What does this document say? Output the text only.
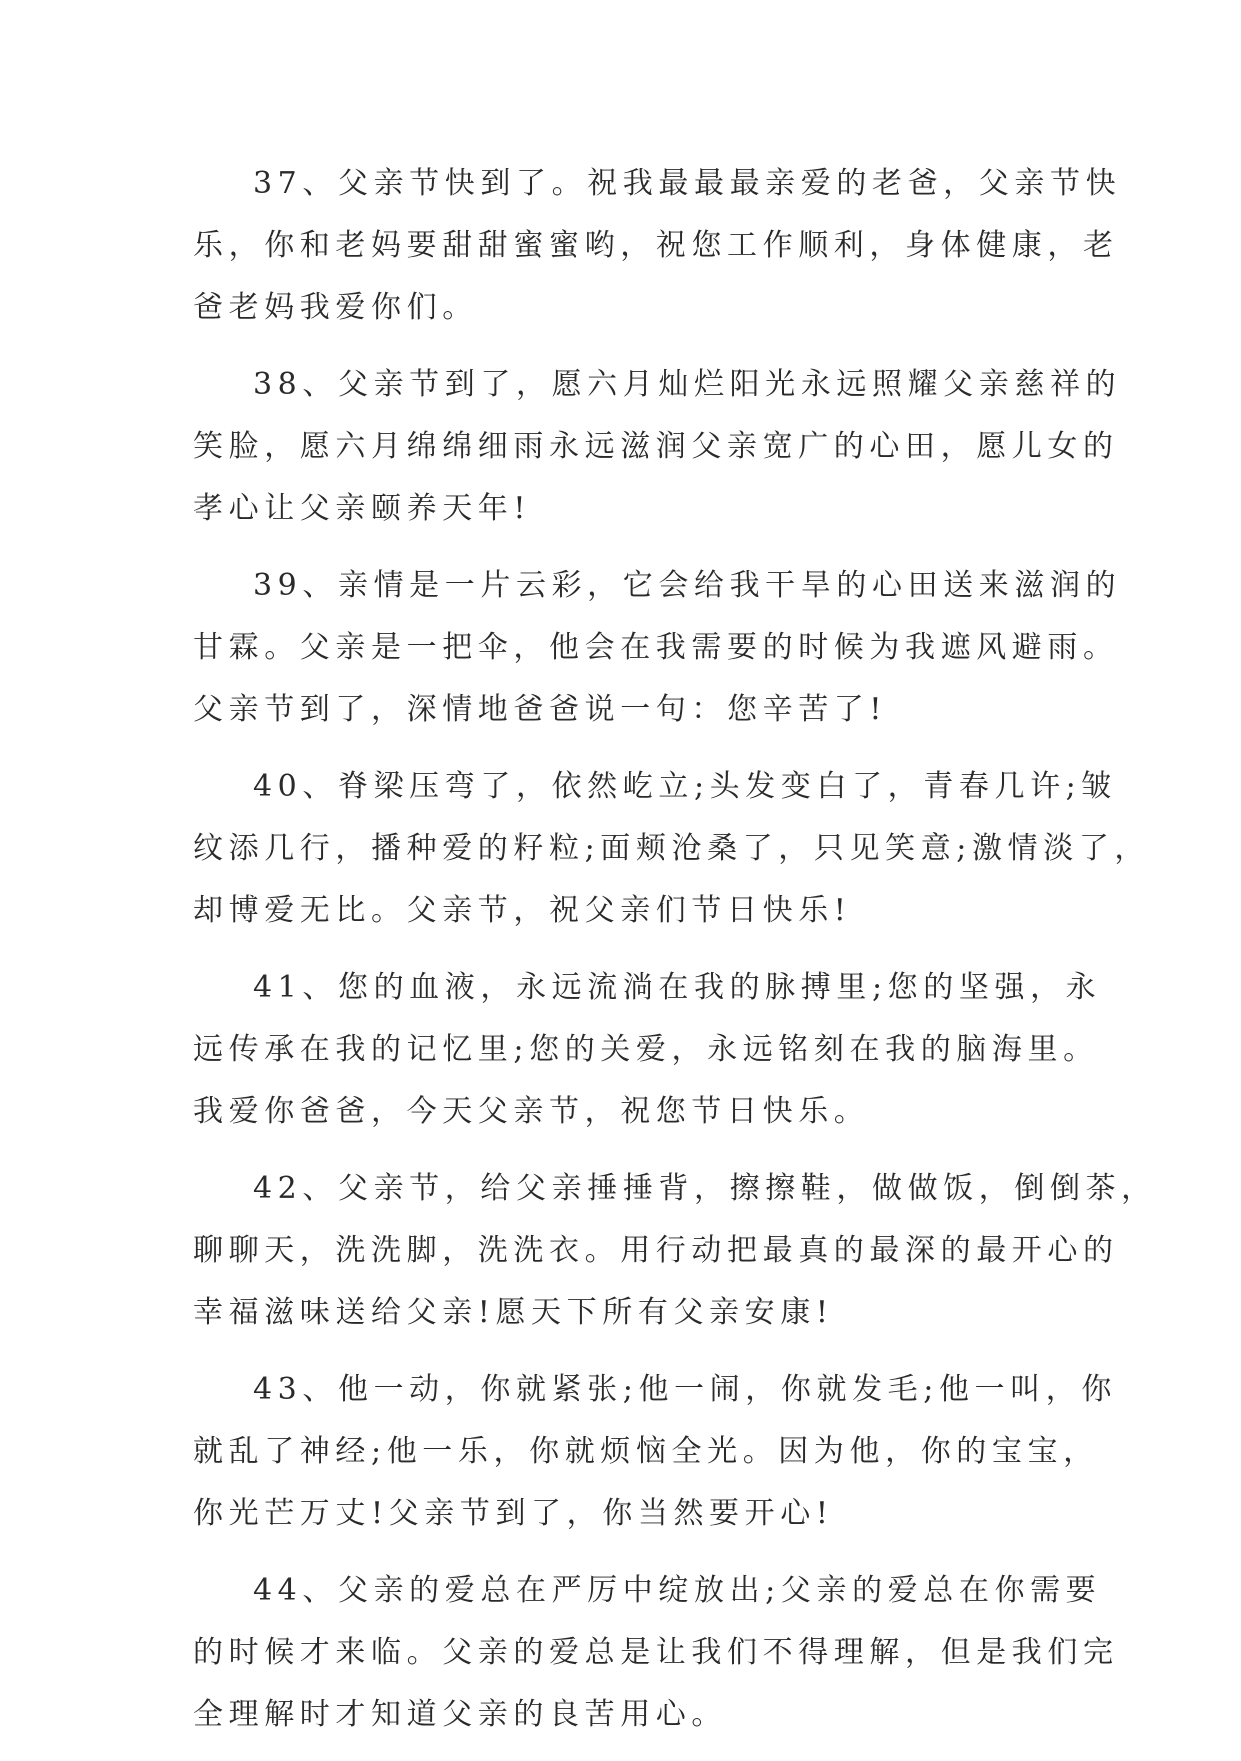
37、父亲节快到了。祝我最最最亲爱的老爸，父亲节快
乐，你和老妈要甜甜蜜蜜哟，祝您工作顺利，身体健康，老
爸老妈我爱你们。

38、父亲节到了，愿六月灿烂阳光永远照耀父亲慈祥的
笑脸，愿六月绵绵细雨永远滋润父亲宽广的心田，愿儿女的
孝心让父亲颐养天年!

39、亲情是一片云彩，它会给我干旱的心田送来滋润的
甘霖。父亲是一把伞，他会在我需要的时候为我遮风避雨。
父亲节到了，深情地爸爸说一句：您辛苦了!

40、脊梁压弯了，依然屹立;头发变白了，青春几许;皱
纹添几行，播种爱的籽粒;面颊沧桑了，只见笑意;激情淡了，
却博爱无比。父亲节，祝父亲们节日快乐!

41、您的血液，永远流淌在我的脉搏里;您的坚强，永
远传承在我的记忆里;您的关爱，永远铭刻在我的脑海里。
我爱你爸爸，今天父亲节，祝您节日快乐。

42、父亲节，给父亲捶捶背，擦擦鞋，做做饭，倒倒茶，
聊聊天，洗洗脚，洗洗衣。用行动把最真的最深的最开心的
幸福滋味送给父亲!愿天下所有父亲安康!

43、他一动，你就紧张;他一闹，你就发毛;他一叫，你
就乱了神经;他一乐，你就烦恼全光。因为他，你的宝宝，
你光芒万丈!父亲节到了，你当然要开心!

44、父亲的爱总在严厉中绽放出;父亲的爱总在你需要
的时候才来临。父亲的爱总是让我们不得理解，但是我们完
全理解时才知道父亲的良苦用心。
